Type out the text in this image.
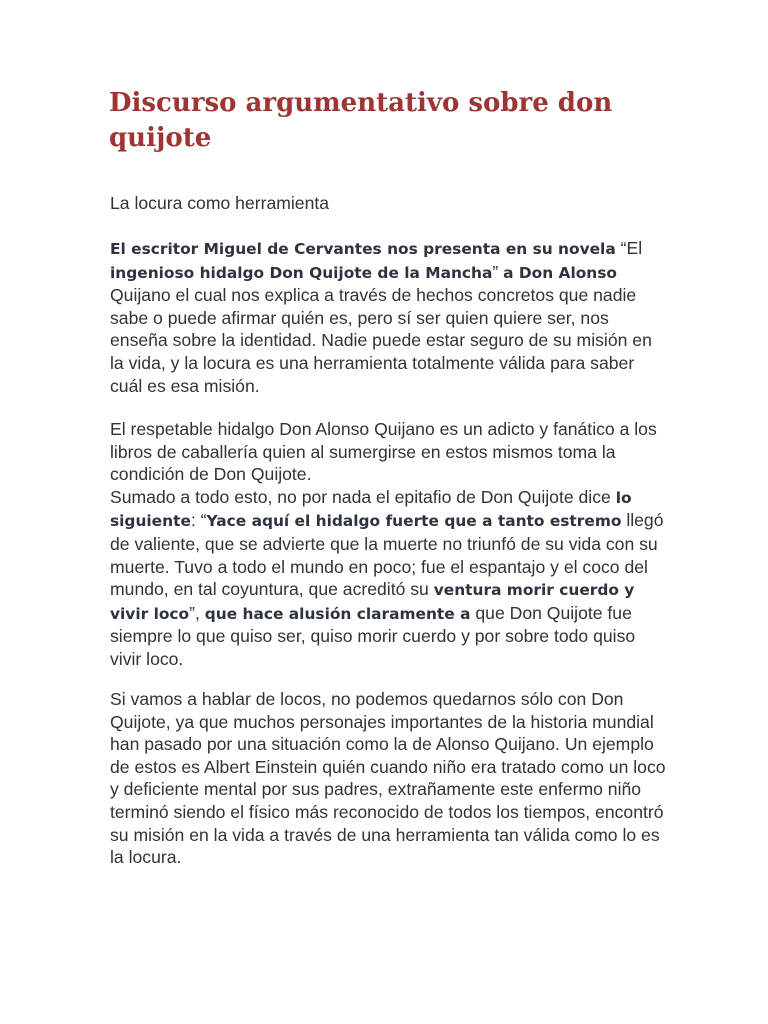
Discurso argumentativo sobre don quijote

La locura como herramienta

El escritor Miguel de Cervantes nos presenta en su novela “El ingenioso hidalgo Don Quijote de la Mancha” a Don Alonso Quijano el cual nos explica a través de hechos concretos que nadie sabe o puede afirmar quién es, pero sí ser quien quiere ser, nos enseña sobre la identidad. Nadie puede estar seguro de su misión en la vida, y la locura es una herramienta totalmente válida para saber cuál es esa misión.

El respetable hidalgo Don Alonso Quijano es un adicto y fanático a los libros de caballería quien al sumergirse en estos mismos toma la condición de Don Quijote.
Sumado a todo esto, no por nada el epitafio de Don Quijote dice lo siguiente: “Yace aquí el hidalgo fuerte que a tanto estremo llegó de valiente, que se advierte que la muerte no triunfó de su vida con su muerte. Tuvo a todo el mundo en poco; fue el espantajo y el coco del mundo, en tal coyuntura, que acreditó su ventura morir cuerdo y vivir loco”, que hace alusión claramente a que Don Quijote fue siempre lo que quiso ser, quiso morir cuerdo y por sobre todo quiso vivir loco.

Si vamos a hablar de locos, no podemos quedarnos sólo con Don Quijote, ya que muchos personajes importantes de la historia mundial han pasado por una situación como la de Alonso Quijano. Un ejemplo de estos es Albert Einstein quién cuando niño era tratado como un loco y deficiente mental por sus padres, extrañamente este enfermo niño terminó siendo el físico más reconocido de todos los tiempos, encontró su misión en la vida a través de una herramienta tan válida como lo es la locura.
